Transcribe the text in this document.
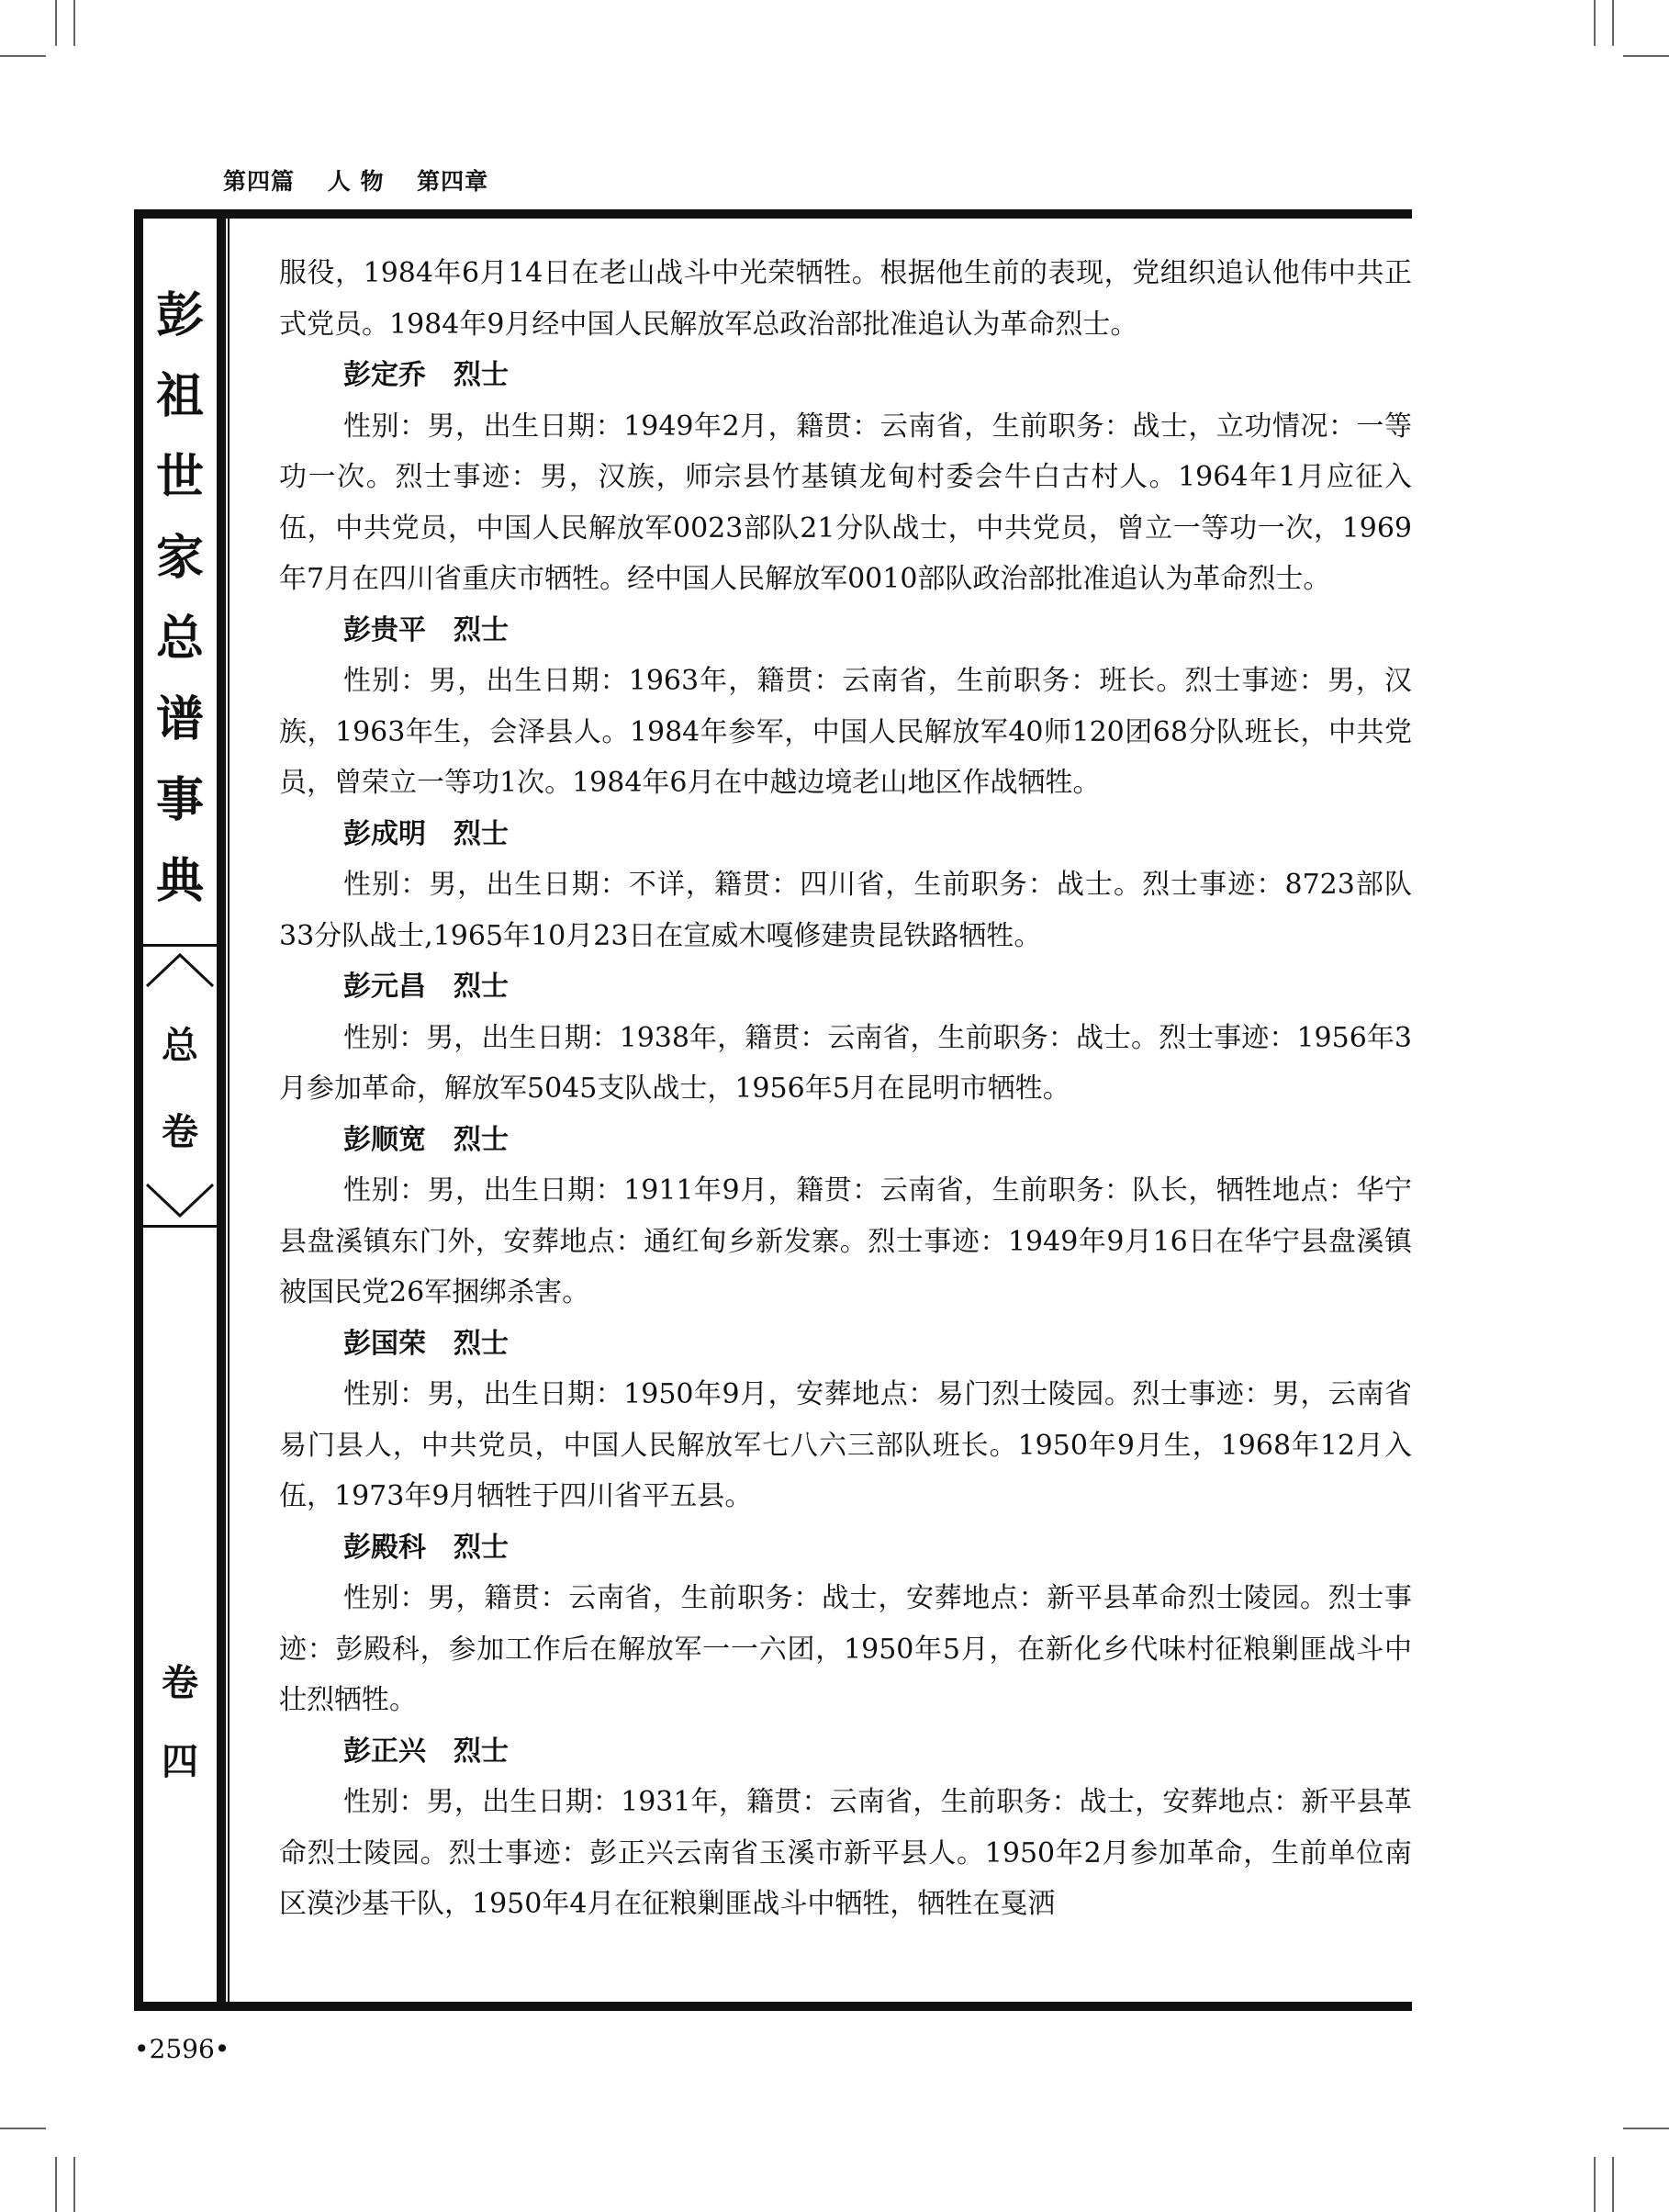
第四篇 人 物 第四章
彭
祖
世
家
总
谱
事
典
总
卷
卷
四

服役，1984年6月14日在老山战斗中光荣牺牲。根据他生前的表现，党组织追认他伟中共正式党员。1984年9月经中国人民解放军总政治部批准追认为革命烈士。

彭定乔 烈士

性别：男，出生日期：1949年2月，籍贯：云南省，生前职务：战士，立功情况：一等功一次。烈士事迹：男，汉族，师宗县竹基镇龙甸村委会牛白古村人。1964年1月应征入伍，中共党员，中国人民解放军0023部队21分队战士，中共党员，曾立一等功一次，1969年7月在四川省重庆市牺牲。经中国人民解放军0010部队政治部批准追认为革命烈士。

彭贵平 烈士

性别：男，出生日期：1963年，籍贯：云南省，生前职务：班长。烈士事迹：男，汉族，1963年生，会泽县人。1984年参军，中国人民解放军40师120团68分队班长，中共党员，曾荣立一等功1次。1984年6月在中越边境老山地区作战牺牲。

彭成明 烈士

性别：男，出生日期：不详，籍贯：四川省，生前职务：战士。烈士事迹：8723部队33分队战士,1965年10月23日在宣威木嘎修建贵昆铁路牺牲。

彭元昌 烈士

性别：男，出生日期：1938年，籍贯：云南省，生前职务：战士。烈士事迹：1956年3月参加革命，解放军5045支队战士，1956年5月在昆明市牺牲。

彭顺宽 烈士

性别：男，出生日期：1911年9月，籍贯：云南省，生前职务：队长，牺牲地点：华宁县盘溪镇东门外，安葬地点：通红甸乡新发寨。烈士事迹：1949年9月16日在华宁县盘溪镇被国民党26军捆绑杀害。

彭国荣 烈士

性别：男，出生日期：1950年9月，安葬地点：易门烈士陵园。烈士事迹：男，云南省易门县人，中共党员，中国人民解放军七八六三部队班长。1950年9月生，1968年12月入伍，1973年9月牺牲于四川省平五县。

彭殿科 烈士

性别：男，籍贯：云南省，生前职务：战士，安葬地点：新平县革命烈士陵园。烈士事迹：彭殿科，参加工作后在解放军一一六团，1950年5月，在新化乡代味村征粮剿匪战斗中壮烈牺牲。

彭正兴 烈士

性别：男，出生日期：1931年，籍贯：云南省，生前职务：战士，安葬地点：新平县革命烈士陵园。烈士事迹：彭正兴云南省玉溪市新平县人。1950年2月参加革命，生前单位南区漠沙基干队，1950年4月在征粮剿匪战斗中牺牲，牺牲在戛洒

•2596•
